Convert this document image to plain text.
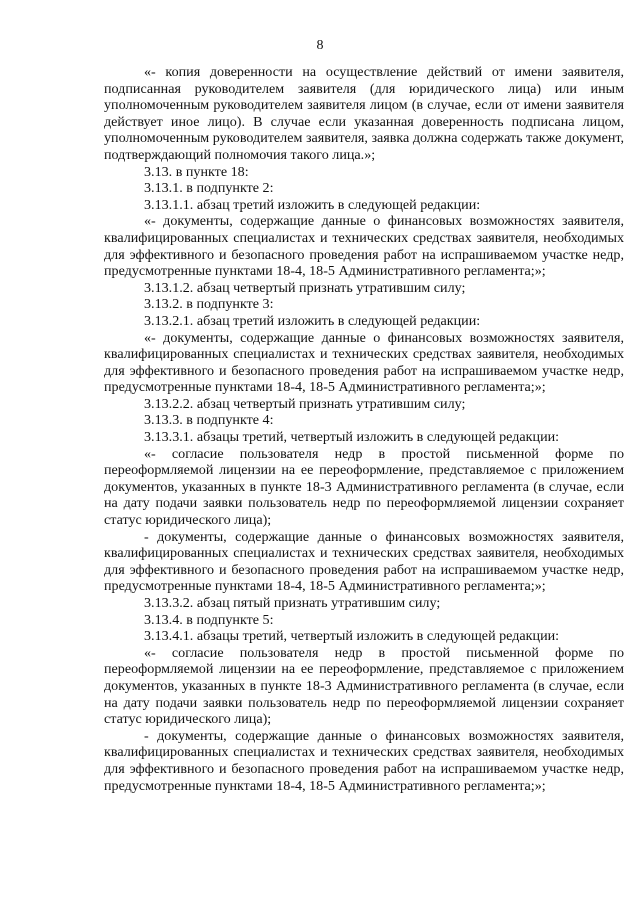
8

«- копия доверенности на осуществление действий от имени заявителя, подписанная руководителем заявителя (для юридического лица) или иным уполномоченным руководителем заявителя лицом (в случае, если от имени заявителя действует иное лицо). В случае если указанная доверенность подписана лицом, уполномоченным руководителем заявителя, заявка должна содержать также документ, подтверждающий полномочия такого лица.»;

3.13. в пункте 18:

3.13.1. в подпункте 2:

3.13.1.1. абзац третий изложить в следующей редакции:

«- документы, содержащие данные о финансовых возможностях заявителя, квалифицированных специалистах и технических средствах заявителя, необходимых для эффективного и безопасного проведения работ на испрашиваемом участке недр, предусмотренные пунктами 18-4, 18-5 Административного регламента;»;

3.13.1.2. абзац четвертый признать утратившим силу;

3.13.2. в подпункте 3:

3.13.2.1. абзац третий изложить в следующей редакции:

«- документы, содержащие данные о финансовых возможностях заявителя, квалифицированных специалистах и технических средствах заявителя, необходимых для эффективного и безопасного проведения работ на испрашиваемом участке недр, предусмотренные пунктами 18-4, 18-5 Административного регламента;»;

3.13.2.2. абзац четвертый признать утратившим силу;

3.13.3. в подпункте 4:

3.13.3.1. абзацы третий, четвертый изложить в следующей редакции:

«- согласие пользователя недр в простой письменной форме по переоформляемой лицензии на ее переоформление, представляемое с приложением документов, указанных в пункте 18-3 Административного регламента (в случае, если на дату подачи заявки пользователь недр по переоформляемой лицензии сохраняет статус юридического лица);

- документы, содержащие данные о финансовых возможностях заявителя, квалифицированных специалистах и технических средствах заявителя, необходимых для эффективного и безопасного проведения работ на испрашиваемом участке недр, предусмотренные пунктами 18-4, 18-5 Административного регламента;»;

3.13.3.2. абзац пятый признать утратившим силу;

3.13.4. в подпункте 5:

3.13.4.1. абзацы третий, четвертый изложить в следующей редакции:

«- согласие пользователя недр в простой письменной форме по переоформляемой лицензии на ее переоформление, представляемое с приложением документов, указанных в пункте 18-3 Административного регламента (в случае, если на дату подачи заявки пользователь недр по переоформляемой лицензии сохраняет статус юридического лица);

- документы, содержащие данные о финансовых возможностях заявителя, квалифицированных специалистах и технических средствах заявителя, необходимых для эффективного и безопасного проведения работ на испрашиваемом участке недр, предусмотренные пунктами 18-4, 18-5 Административного регламента;»;
